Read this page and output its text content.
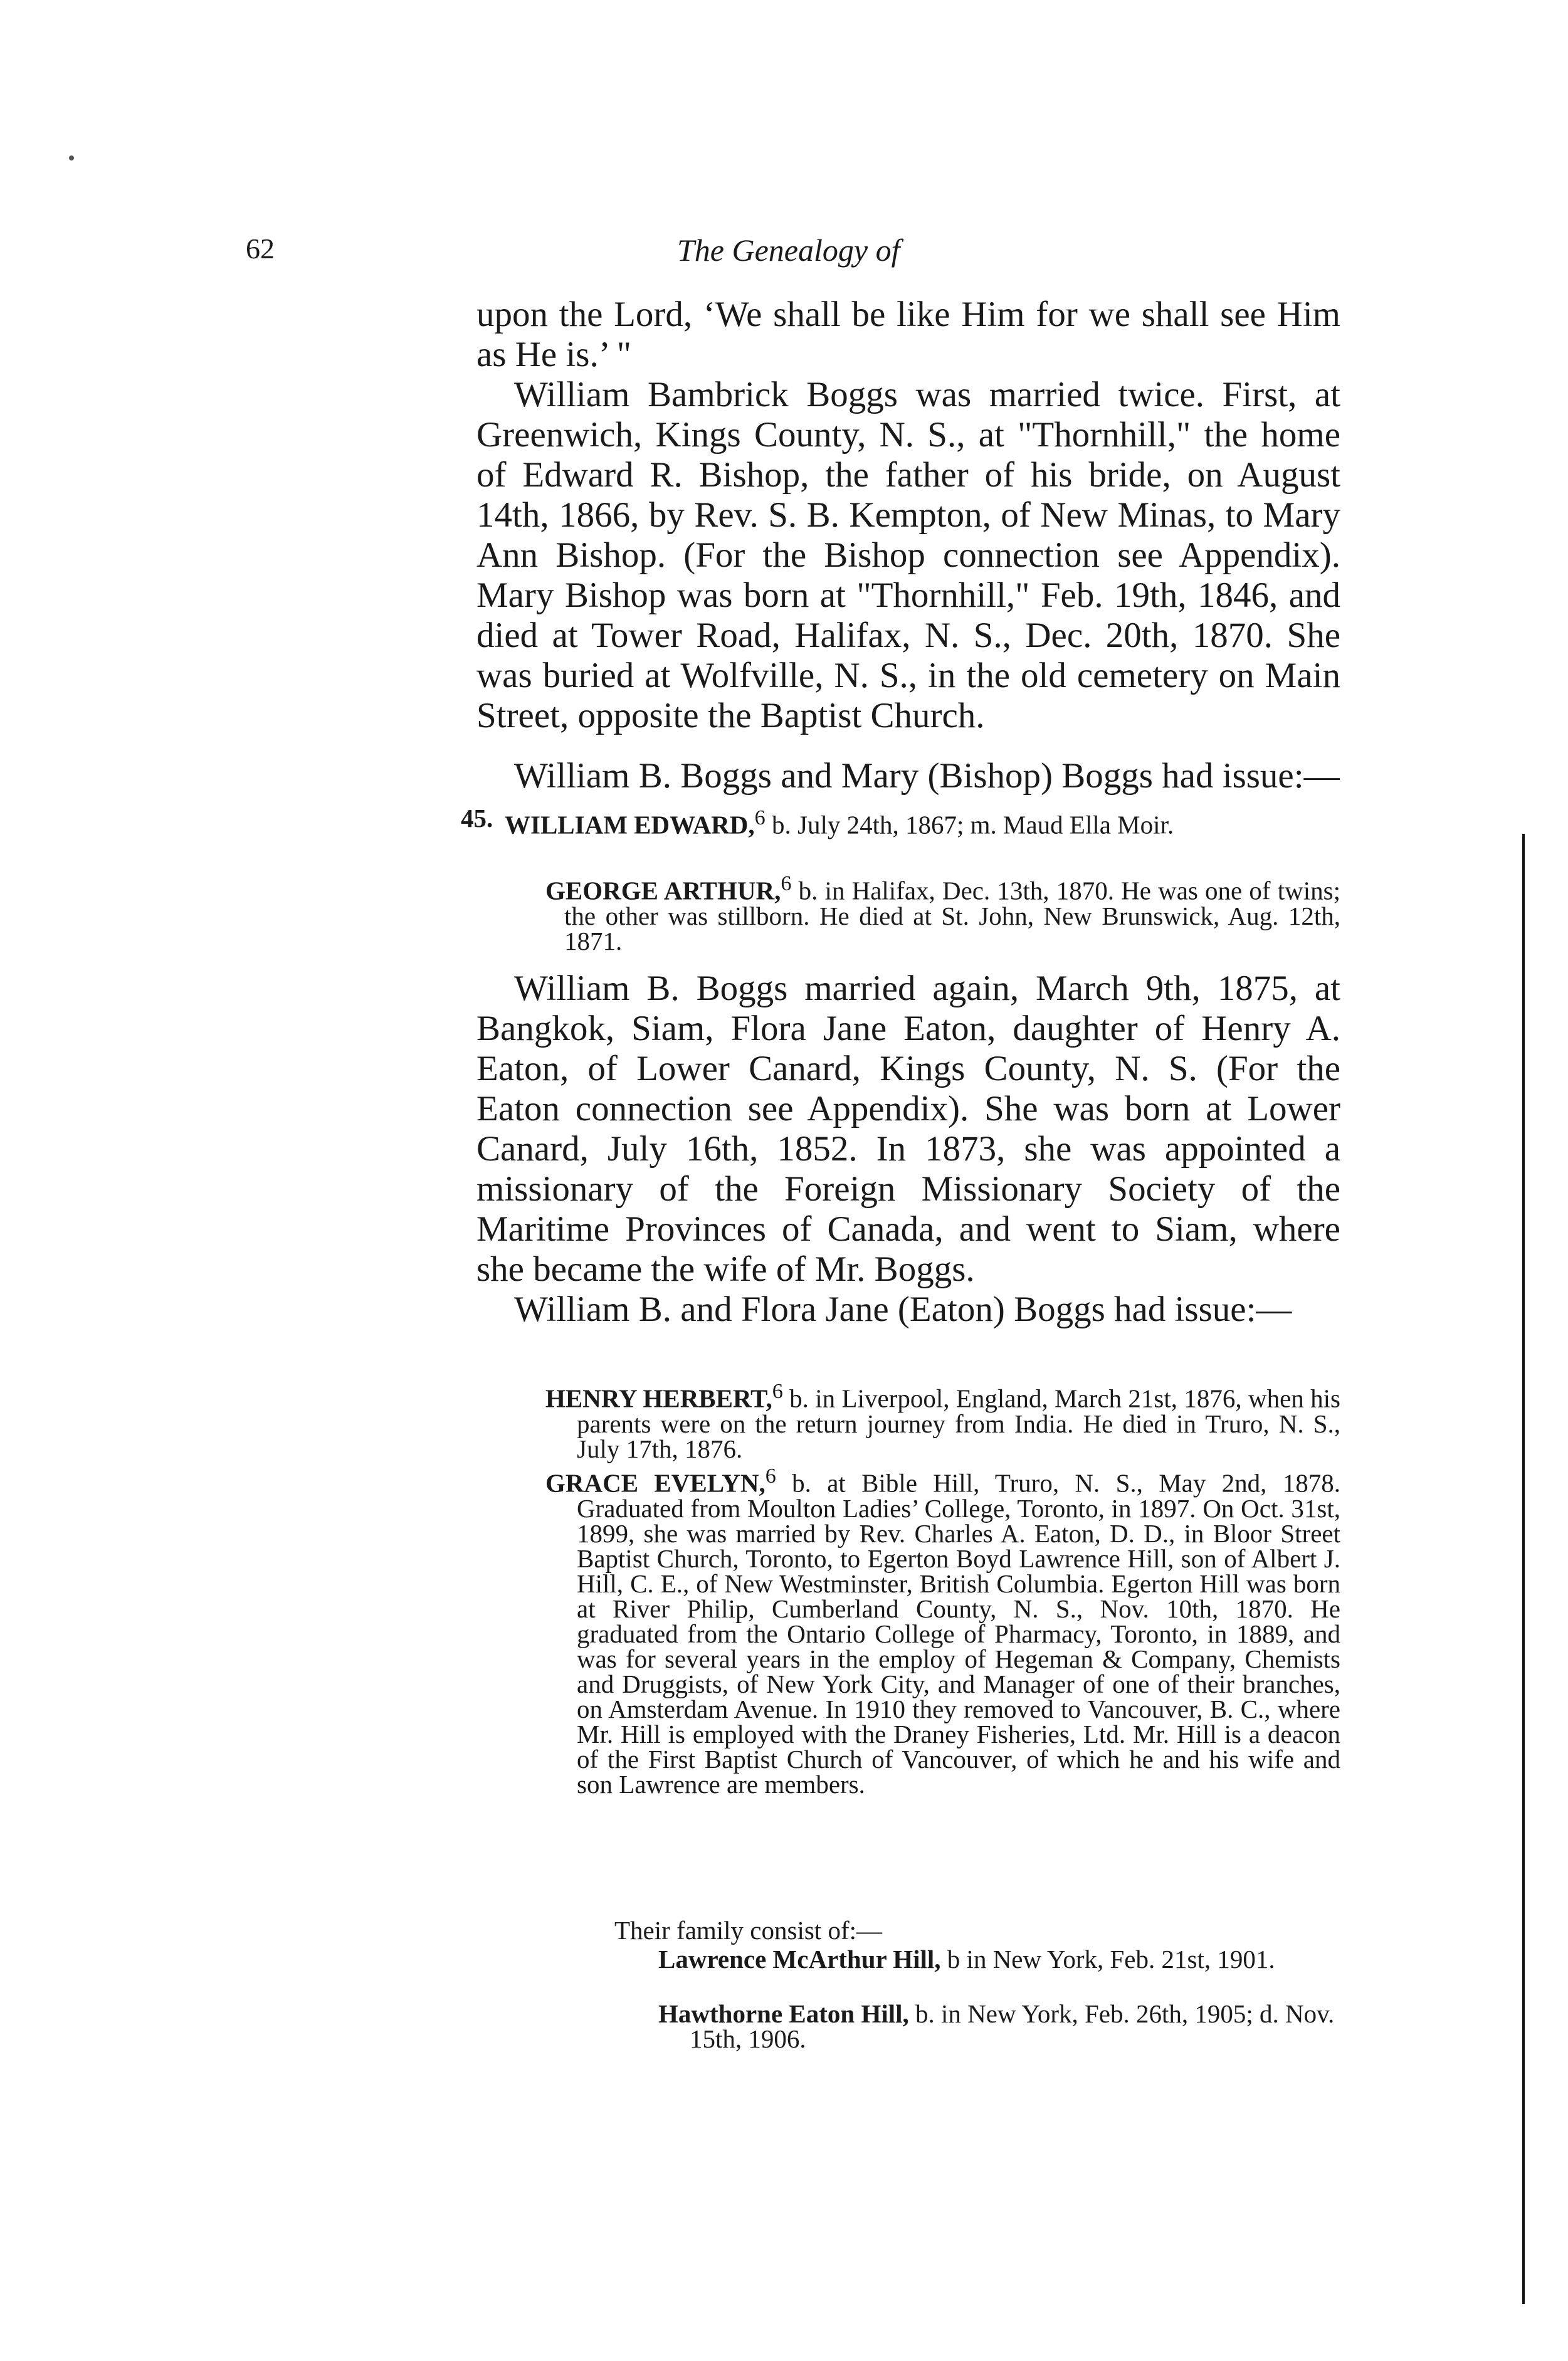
62	The Genealogy of

upon the Lord, ‘We shall be like Him for we shall see Him as He is.’ "

William Bambrick Boggs was married twice. First, at Greenwich, Kings County, N. S., at "Thornhill," the home of Edward R. Bishop, the father of his bride, on August 14th, 1866, by Rev. S. B. Kempton, of New Minas, to Mary Ann Bishop. (For the Bishop connection see Appendix). Mary Bishop was born at "Thornhill," Feb. 19th, 1846, and died at Tower Road, Halifax, N. S., Dec. 20th, 1870. She was buried at Wolfville, N. S., in the old cemetery on Main Street, opposite the Baptist Church.

William B. Boggs and Mary (Bishop) Boggs had issue:—

45. WILLIAM EDWARD,$^6$ b. July 24th, 1867; m. Maud Ella Moir.
GEORGE ARTHUR,$^6$ b. in Halifax, Dec. 13th, 1870. He was one of twins; the other was stillborn. He died at St. John, New Brunswick, Aug. 12th, 1871.

William B. Boggs married again, March 9th, 1875, at Bangkok, Siam, Flora Jane Eaton, daughter of Henry A. Eaton, of Lower Canard, Kings County, N. S. (For the Eaton connection see Appendix). She was born at Lower Canard, July 16th, 1852. In 1873, she was appointed a missionary of the Foreign Missionary Society of the Maritime Provinces of Canada, and went to Siam, where she became the wife of Mr. Boggs.

William B. and Flora Jane (Eaton) Boggs had issue:—

HENRY HERBERT,$^6$ b. in Liverpool, England, March 21st, 1876, when his parents were on the return journey from India. He died in Truro, N. S., July 17th, 1876.
GRACE EVELYN,$^6$ b. at Bible Hill, Truro, N. S., May 2nd, 1878. Graduated from Moulton Ladies’ College, Toronto, in 1897. On Oct. 31st, 1899, she was married by Rev. Charles A. Eaton, D. D., in Bloor Street Baptist Church, Toronto, to Egerton Boyd Lawrence Hill, son of Albert J. Hill, C. E., of New Westminster, British Columbia. Egerton Hill was born at River Philip, Cumberland County, N. S., Nov. 10th, 1870. He graduated from the Ontario College of Pharmacy, Toronto, in 1889, and was for several years in the employ of Hegeman & Company, Chemists and Druggists, of New York City, and Manager of one of their branches, on Amsterdam Avenue. In 1910 they removed to Vancouver, B. C., where Mr. Hill is employed with the Draney Fisheries, Ltd. Mr. Hill is a deacon of the First Baptist Church of Vancouver, of which he and his wife and son Lawrence are members.
Their family consist of:—
Lawrence McArthur Hill, b in New York, Feb. 21st, 1901.
Hawthorne Eaton Hill, b. in New York, Feb. 26th, 1905; d. Nov. 15th, 1906.
